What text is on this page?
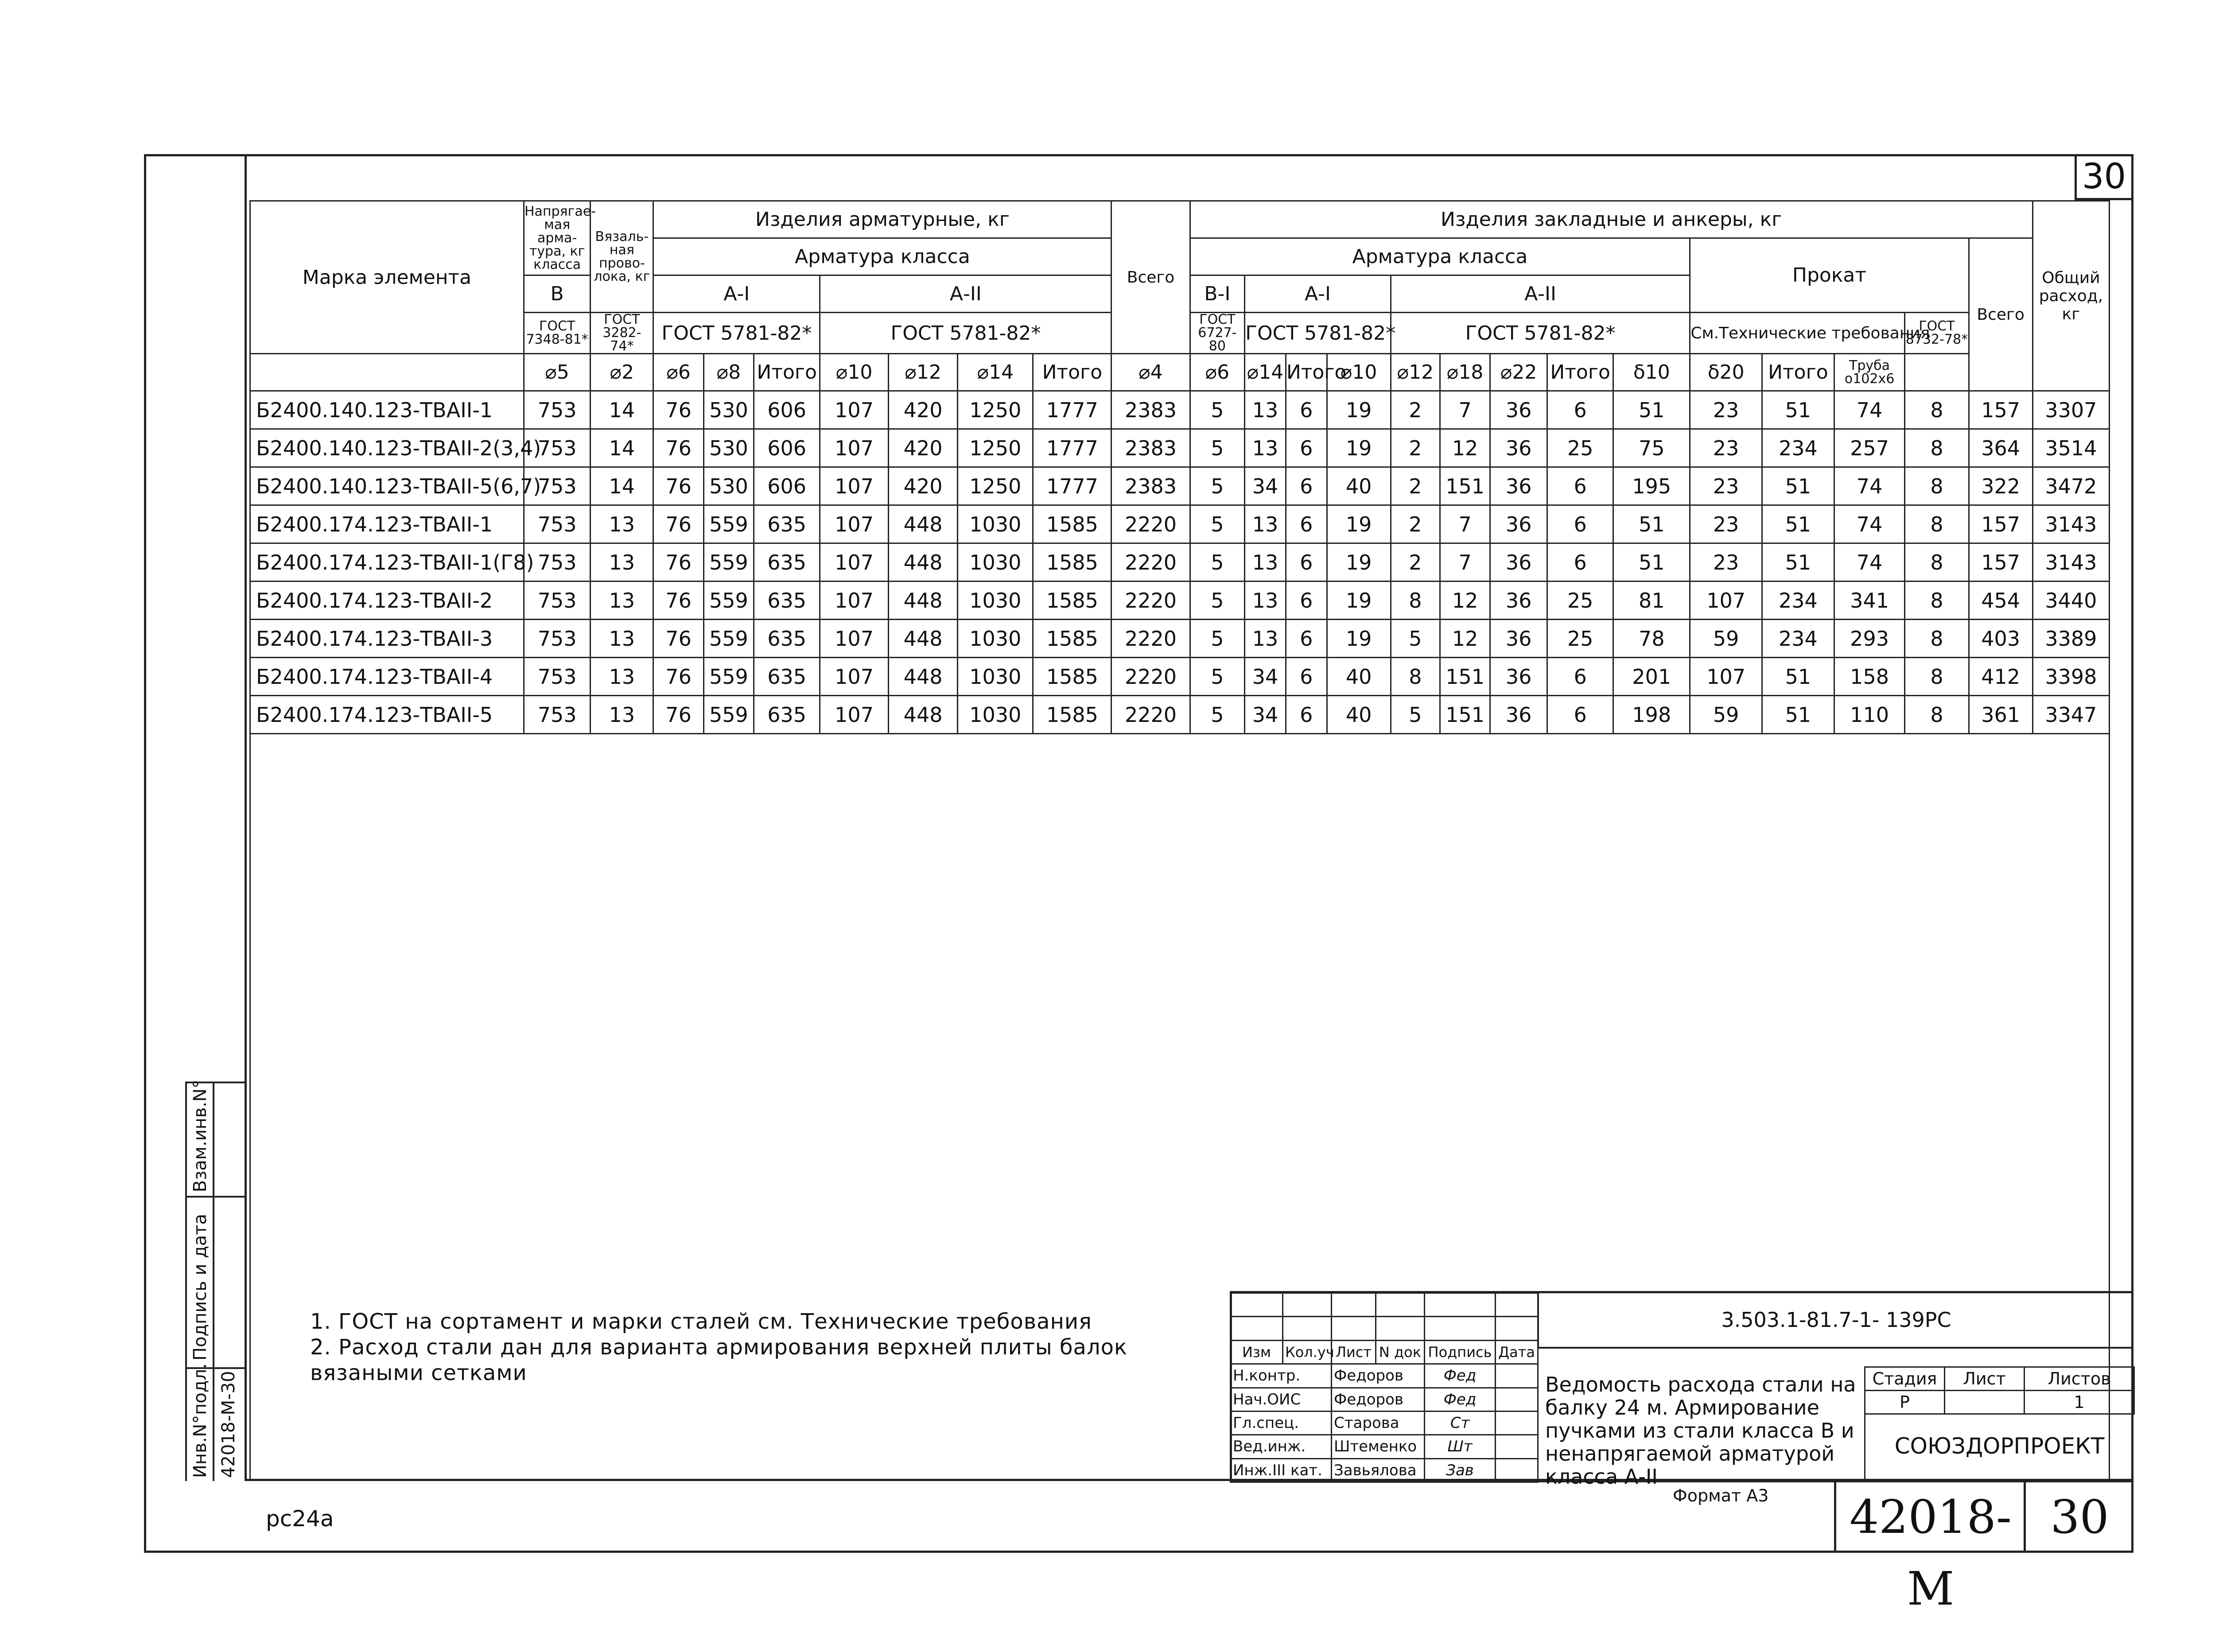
30
Взам.инв.N°
Подпись и дата
Инв.N°подл. 42018-М-30
Марка элемента	Напрягае-мая арма-тура, кг класса	Вязаль-ная прово-лока, кг	Изделия арматурные, кг							Всего	Изделия закладные и анкеры, кг														Общий расход, кг
			Арматура класса								Арматура класса									Прокат				Всего	
	В		А-I			А-II					В-I	А-I			А-II										
	ГОСТ 7348-81*	ГОСТ 3282-74*	ГОСТ 5781-82*			ГОСТ 5781-82*					ГОСТ 6727-80	ГОСТ 5781-82*			ГОСТ 5781-82*					См.Технические требования			ГОСТ 8732-78*		
	⌀5	⌀2	⌀6	⌀8	Итого	⌀10	⌀12	⌀14	Итого	⌀4	⌀6	⌀14	Итого	⌀10	⌀12	⌀18	⌀22	Итого	δ10	δ20	Итого	Труба ο102х6			
Б2400.140.123-ТВАII-1	753	14	76	530	606	107	420	1250	1777	2383	5	13	6	19	2	7	36	6	51	23	51	74	8	157	3307
Б2400.140.123-ТВАII-2(3,4)	753	14	76	530	606	107	420	1250	1777	2383	5	13	6	19	2	12	36	25	75	23	234	257	8	364	3514
Б2400.140.123-ТВАII-5(6,7)	753	14	76	530	606	107	420	1250	1777	2383	5	34	6	40	2	151	36	6	195	23	51	74	8	322	3472
Б2400.174.123-ТВАII-1	753	13	76	559	635	107	448	1030	1585	2220	5	13	6	19	2	7	36	6	51	23	51	74	8	157	3143
Б2400.174.123-ТВАII-1(Г8)	753	13	76	559	635	107	448	1030	1585	2220	5	13	6	19	2	7	36	6	51	23	51	74	8	157	3143
Б2400.174.123-ТВАII-2	753	13	76	559	635	107	448	1030	1585	2220	5	13	6	19	8	12	36	25	81	107	234	341	8	454	3440
Б2400.174.123-ТВАII-3	753	13	76	559	635	107	448	1030	1585	2220	5	13	6	19	5	12	36	25	78	59	234	293	8	403	3389
Б2400.174.123-ТВАII-4	753	13	76	559	635	107	448	1030	1585	2220	5	34	6	40	8	151	36	6	201	107	51	158	8	412	3398
Б2400.174.123-ТВАII-5	753	13	76	559	635	107	448	1030	1585	2220	5	34	6	40	5	151	36	6	198	59	51	110	8	361	3347
1. ГОСТ на сортамент и марки сталей см. Технические требования
2. Расход стали дан для варианта армирования верхней плиты балок
вязаными сетками
рс24а
3.503.1-81.7-1- 139РС

Изм	Кол.уч	Лист	N док	Подпись	Дата
Н.контр.		Федоров		Фед	
Нач.ОИС		Федоров		Фед	
Гл.спец.		Старова		Ст	
Вед.инж.		Штеменко		Шт	
Инж.III кат.		Завьялова		Зав	
Ведомость расхода стали на балку 24 м. Армирование пучками из стали класса В и ненапрягаемой арматурой класса А-II
Стадия	Лист	Листов
Р		1
СОЮЗДОРПРОЕКТ
Формат А3 42018-М
30
